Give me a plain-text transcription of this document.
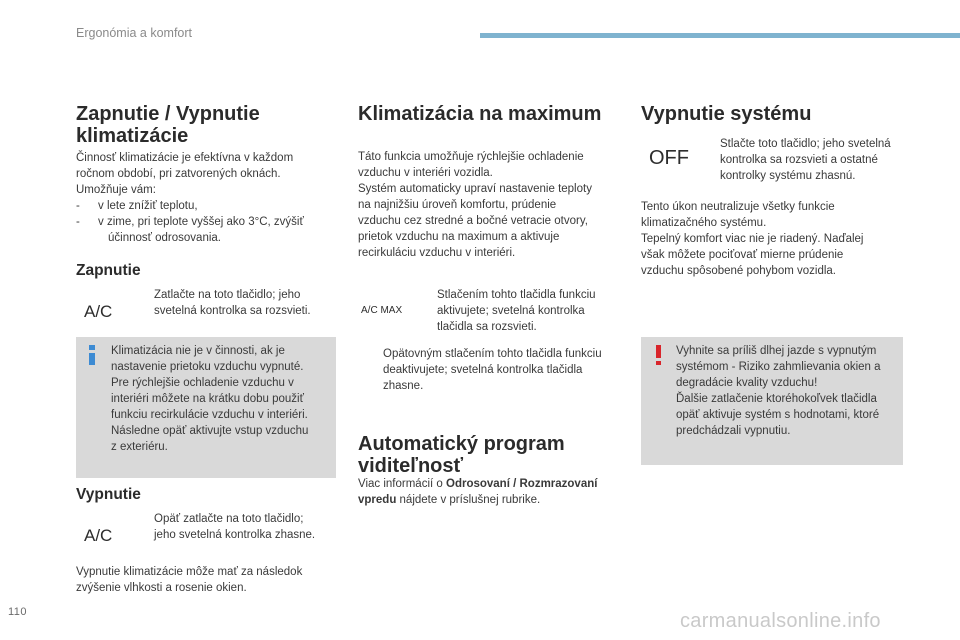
Ergonómia a komfort
Zapnutie / Vypnutie
klimatizácie

Činnosť klimatizácie je efektívna v každom

ročnom období, pri zatvorených oknách.

Umožňuje vám:

-	v lete znížiť teplotu,
-	v zime, pri teplote vyššej ako 3°C, zvýšiť
účinnosť odrosovania.
Zapnutie
A/C

Zatlačte na toto tlačidlo; jeho

svetelná kontrolka sa rozsvieti.

Klimatizácia nie je v činnosti, ak je

nastavenie prietoku vzduchu vypnuté.

Pre rýchlejšie ochladenie vzduchu v

interiéri môžete na krátku dobu použiť

funkciu recirkulácie vzduchu v interiéri.

Následne opäť aktivujte vstup vzduchu

z exteriéru.

Vypnutie
A/C

Opäť zatlačte na toto tlačidlo;

jeho svetelná kontrolka zhasne.

Vypnutie klimatizácie môže mať za následok

zvýšenie vlhkosti a rosenie okien.

Klimatizácia na maximum

Táto funkcia umožňuje rýchlejšie ochladenie

vzduchu v interiéri vozidla.

Systém automaticky upraví nastavenie teploty

na najnižšiu úroveň komfortu, prúdenie

vzduchu cez stredné a bočné vetracie otvory,

prietok vzduchu na maximum a aktivuje

recirkuláciu vzduchu v interiéri.

A/C MAX

Stlačením tohto tlačidla funkciu

aktivujete; svetelná kontrolka

tlačidla sa rozsvieti.

Opätovným stlačením tohto tlačidla funkciu

deaktivujete; svetelná kontrolka tlačidla

zhasne.

Automatický program
viditeľnosť

Viac informácií o Odrosovaní / Rozmrazovaní

vpredu nájdete v príslušnej rubrike.

Vypnutie systému
OFF

Stlačte toto tlačidlo; jeho svetelná

kontrolka sa rozsvieti a ostatné

kontrolky systému zhasnú.

Tento úkon neutralizuje všetky funkcie

klimatizačného systému.

Tepelný komfort viac nie je riadený. Naďalej

však môžete pociťovať mierne prúdenie

vzduchu spôsobené pohybom vozidla.

Vyhnite sa príliš dlhej jazde s vypnutým

systémom - Riziko zahmlievania okien a

degradácie kvality vzduchu!

Ďalšie zatlačenie ktoréhokoľvek tlačidla

opäť aktivuje systém s hodnotami, ktoré

predchádzali vypnutiu.

110	carmanualsonline.info
